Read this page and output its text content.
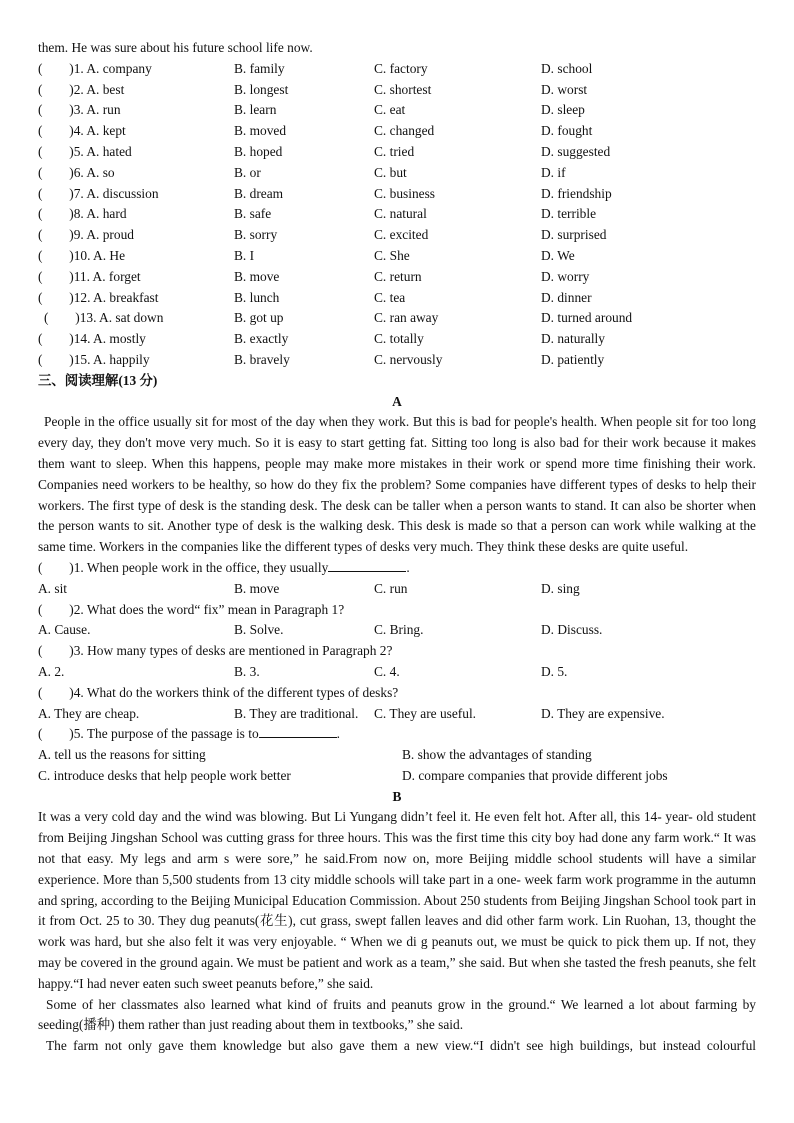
them. He was sure about his future school life now.
(　　)1. A. company	B. family	C. factory	D. school
(　　)2. A. best	B. longest	C. shortest	D. worst
(　　)3. A. run	B. learn	C. eat	D. sleep
(　　)4. A. kept	B. moved	C. changed	D. fought
(　　)5. A. hated	B. hoped	C. tried	D. suggested
(　　)6. A. so	B. or	C. but	D. if
(　　)7. A. discussion	B. dream	C. business	D. friendship
(　　)8. A. hard	B. safe	C. natural	D. terrible
(　　)9. A. proud	B. sorry	C. excited	D. surprised
(　　)10. A. He	B. I	C. She	D. We
(　　)11. A. forget	B. move	C. return	D. worry
(　　)12. A. breakfast	B. lunch	C. tea	D. dinner
(　　)13. A. sat down	B. got up	C. ran away	D. turned around
(　　)14. A. mostly	B. exactly	C. totally	D. naturally
(　　)15. A. happily	B. bravely	C. nervously	D. patiently
三、阅读理解(13 分)
A

People in the office usually sit for most of the day when they work. But this is bad for people's health. When people sit for too long every day, they don't move very much. So it is easy to start getting fat. Sitting too long is also bad for their work because it makes them want to sleep. When this happens, people may make more mistakes in their work or spend more time finishing their work. Companies need workers to be healthy, so how do they fix the problem? Some companies have different types of desks to help their workers. The first type of desk is the standing desk. The desk can be taller when a person wants to stand. It can also be shorter when the person wants to sit. Another type of desk is the walking desk. This desk is made so that a person can work while walking at the same time. Workers in the companies like the different types of desks very much. They think these desks are quite useful.

(　　)1. When people work in the office, they usually	.
A. sit	B. move	C. run	D. sing
(　　)2. What does the word“ fix” mean in Paragraph 1?
A. Cause.	B. Solve.	C. Bring.	D. Discuss.
(　　)3. How many types of desks are mentioned in Paragraph 2?
A. 2.	B. 3.	C. 4.	D. 5.
(　　)4. What do the workers think of the different types of desks?
A. They are cheap.	B. They are traditional. C. They are useful.	D. They are expensive.
(　　)5. The purpose of the passage is to	.
A. tell us the reasons for sitting	B. show the advantages of standing
C. introduce desks that help people work better	D. compare companies that provide different jobs
B

It was a very cold day and the wind was blowing. But Li Yungang didn’t feel it. He even felt hot. After all, this 14- year- old student from Beijing Jingshan School was cutting grass for three hours. This was the first time this city boy had done any farm work.“ It was not that easy. My legs and arm s were sore,” he said.From now on, more Beijing middle school students will have a similar experience. More than 5,500 students from 13 city middle schools will take part in a one- week farm work programme in the autumn and spring, according to the Beijing Municipal Education Commission. About 250 students from Beijing Jingshan School took part in it from Oct. 25 to 30. They dug peanuts(花生), cut grass, swept fallen leaves and did other farm work. Lin Ruohan, 13, thought the work was hard, but she also felt it was very enjoyable. “ When we di g peanuts out, we must be quick to pick them up. If not, they may be covered in the ground again. We must be patient and work as a team,” she said. But when she tasted the fresh peanuts, she felt happy.“I had never eaten such sweet peanuts before,” she said.

Some of her classmates also learned what kind of fruits and peanuts grow in the ground.“ We learned a lot about farming by seeding(播种) them rather than just reading about them in textbooks,” she said.

The farm not only gave them knowledge but also gave them a new view.“I didn't see high buildings, but instead colourful
